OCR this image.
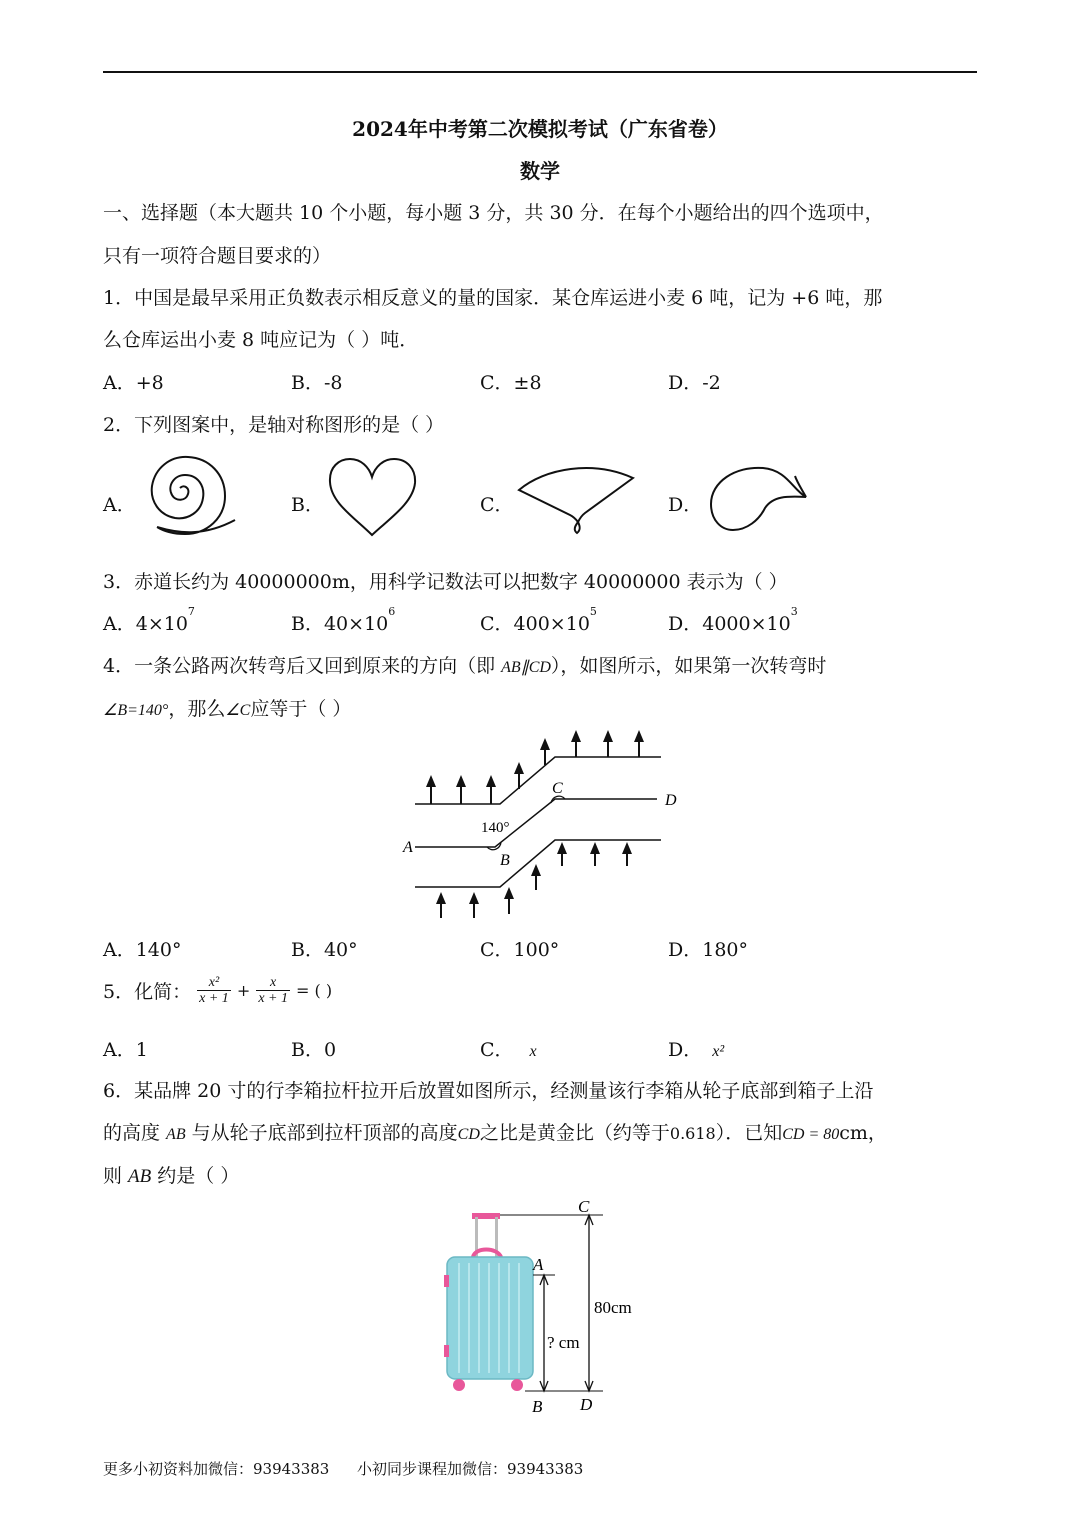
2024年中考第二次模拟考试（广东省卷）
数学
一、选择题（本大题共 10 个小题，每小题 3 分，共 30 分．在每个小题给出的四个选项中，
只有一项符合题目要求的）
1．中国是最早采用正负数表示相反意义的量的国家．某仓库运进小麦 6 吨，记为 +6 吨，那
么仓库运出小麦 8 吨应记为（ ）吨．
A．+8	B．-8	C．±8	D．-2
2．下列图案中，是轴对称图形的是（ ）
A．	B．	C．	D．
3．赤道长约为 40000000m，用科学记数法可以把数字 40000000 表示为（ ）
A．$4\times 10^7$
B．$40\times 10^6$
C．$400\times 10^5$
D．$4000\times 10^3$
4．一条公路两次转弯后又回到原来的方向（即 AB∥CD），如图所示，如果第一次转弯时
∠B=140°，那么∠C应等于（ ）
A
B
C
D
140°
A．140°	B．40°	C．100°	D．180°
5．化简： $\frac{\text{x²}}{x + 1} + \frac{x}{x + 1}$ = ( )
A．1	B．0	C． x	D． x²
6．某品牌 20 寸的行李箱拉杆拉开后放置如图所示，经测量该行李箱从轮子底部到箱子上沿
的高度 AB 与从轮子底部到拉杆顶部的高度CD之比是黄金比（约等于0.618）．已知CD = 80cm，
则 AB 约是（ ）
C
A
B D
80cm
? cm
更多小初资料加微信：93943383 小初同步课程加微信：93943383
